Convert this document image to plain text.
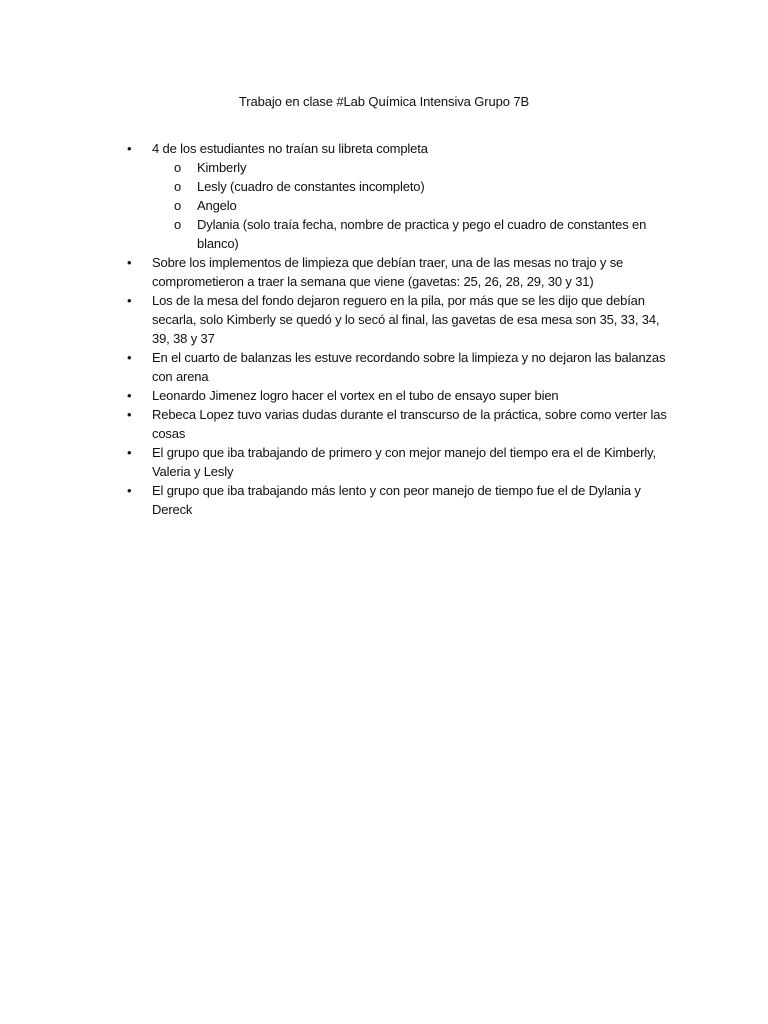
Trabajo en clase #Lab Química Intensiva Grupo 7B
•	4 de los estudiantes no traían su libreta completa
o Kimberly
o Lesly (cuadro de constantes incompleto)
o Angelo
o Dylania (solo traía fecha, nombre de practica y pego el cuadro de constantes en blanco)
•	Sobre los implementos de limpieza que debían traer, una de las mesas no trajo y se comprometieron a traer la semana que viene (gavetas: 25, 26, 28, 29, 30 y 31)
•	Los de la mesa del fondo dejaron reguero en la pila, por más que se les dijo que debían secarla, solo Kimberly se quedó y lo secó al final, las gavetas de esa mesa son 35, 33, 34, 39, 38 y 37
•	En el cuarto de balanzas les estuve recordando sobre la limpieza y no dejaron las balanzas con arena
•	Leonardo Jimenez logro hacer el vortex en el tubo de ensayo super bien
•	Rebeca Lopez tuvo varias dudas durante el transcurso de la práctica, sobre como verter las cosas
•	El grupo que iba trabajando de primero y con mejor manejo del tiempo era el de Kimberly, Valeria y Lesly
•	El grupo que iba trabajando más lento y con peor manejo de tiempo fue el de Dylania y Dereck
